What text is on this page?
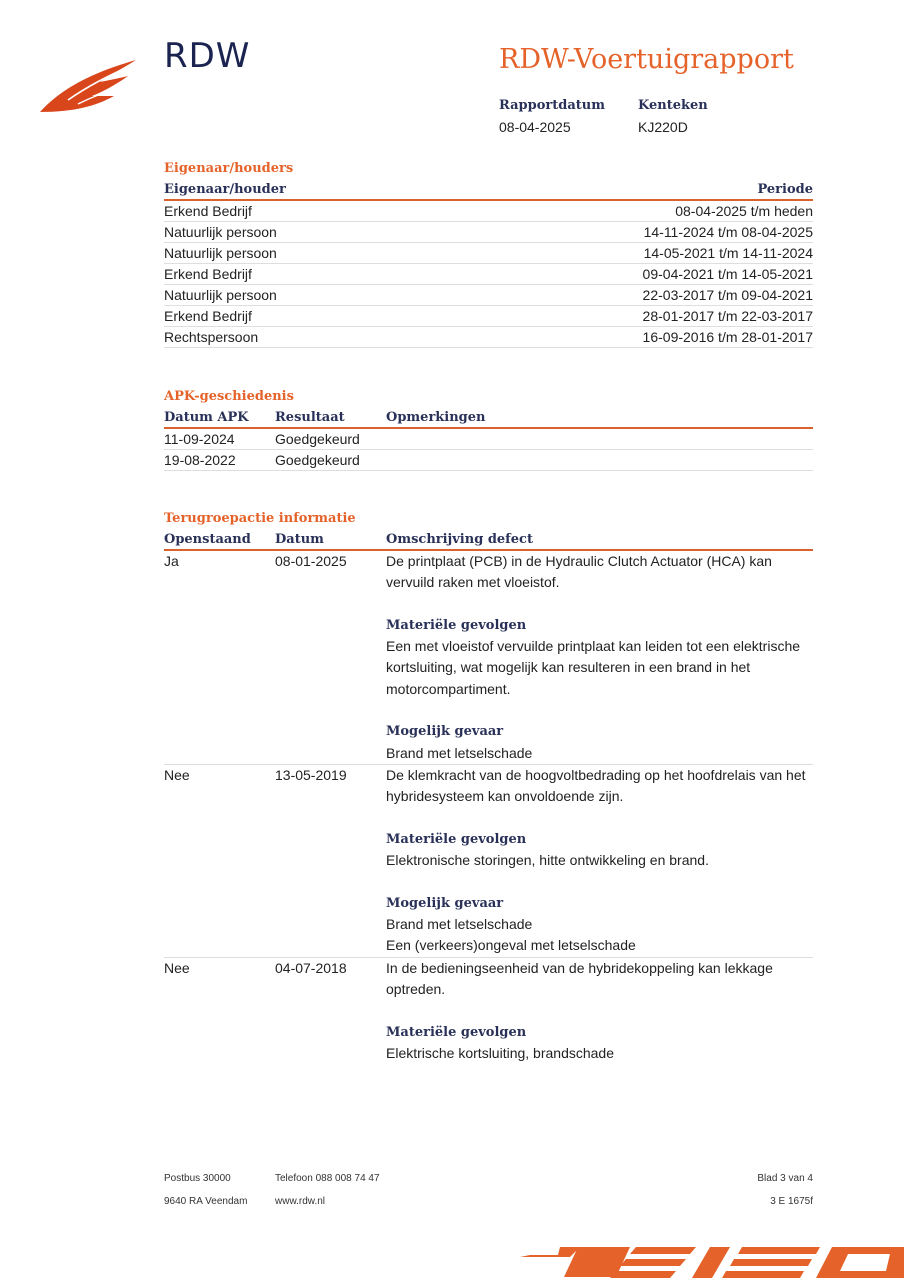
RDW	RDW-Voertuigrapport
Rapportdatum
08-04-2025
Kenteken
KJ220D
Eigenaar/houders
Eigenaar/houder	Periode
Erkend Bedrijf	08-04-2025 t/m heden
Natuurlijk persoon	14-11-2024 t/m 08-04-2025
Natuurlijk persoon	14-05-2021 t/m 14-11-2024
Erkend Bedrijf	09-04-2021 t/m 14-05-2021
Natuurlijk persoon	22-03-2017 t/m 09-04-2021
Erkend Bedrijf	28-01-2017 t/m 22-03-2017
Rechtspersoon	16-09-2016 t/m 28-01-2017
APK-geschiedenis
Datum APK	Resultaat	Opmerkingen
11-09-2024	Goedgekeurd
19-08-2022	Goedgekeurd
Terugroepactie informatie
Openstaand	Datum	Omschrijving defect
Ja	08-01-2025	De printplaat (PCB) in de Hydraulic Clutch Actuator (HCA) kan

vervuild raken met vloeistof.

Materiële gevolgen

Een met vloeistof vervuilde printplaat kan leiden tot een elektrische

kortsluiting, wat mogelijk kan resulteren in een brand in het

motorcompartiment.

Mogelijk gevaar

Brand met letselschade

Nee	13-05-2019	De klemkracht van de hoogvoltbedrading op het hoofdrelais van het

hybridesysteem kan onvoldoende zijn.

Materiële gevolgen

Elektronische storingen, hitte ontwikkeling en brand.

Mogelijk gevaar

Brand met letselschade

Een (verkeers)ongeval met letselschade

Nee	04-07-2018	In de bedieningseenheid van de hybridekoppeling kan lekkage

optreden.

Materiële gevolgen

Elektrische kortsluiting, brandschade

Postbus 30000
9640 RA Veendam
Telefoon 088 008 74 47
www.rdw.nl
Blad 3 van 4
3 E 1675f
